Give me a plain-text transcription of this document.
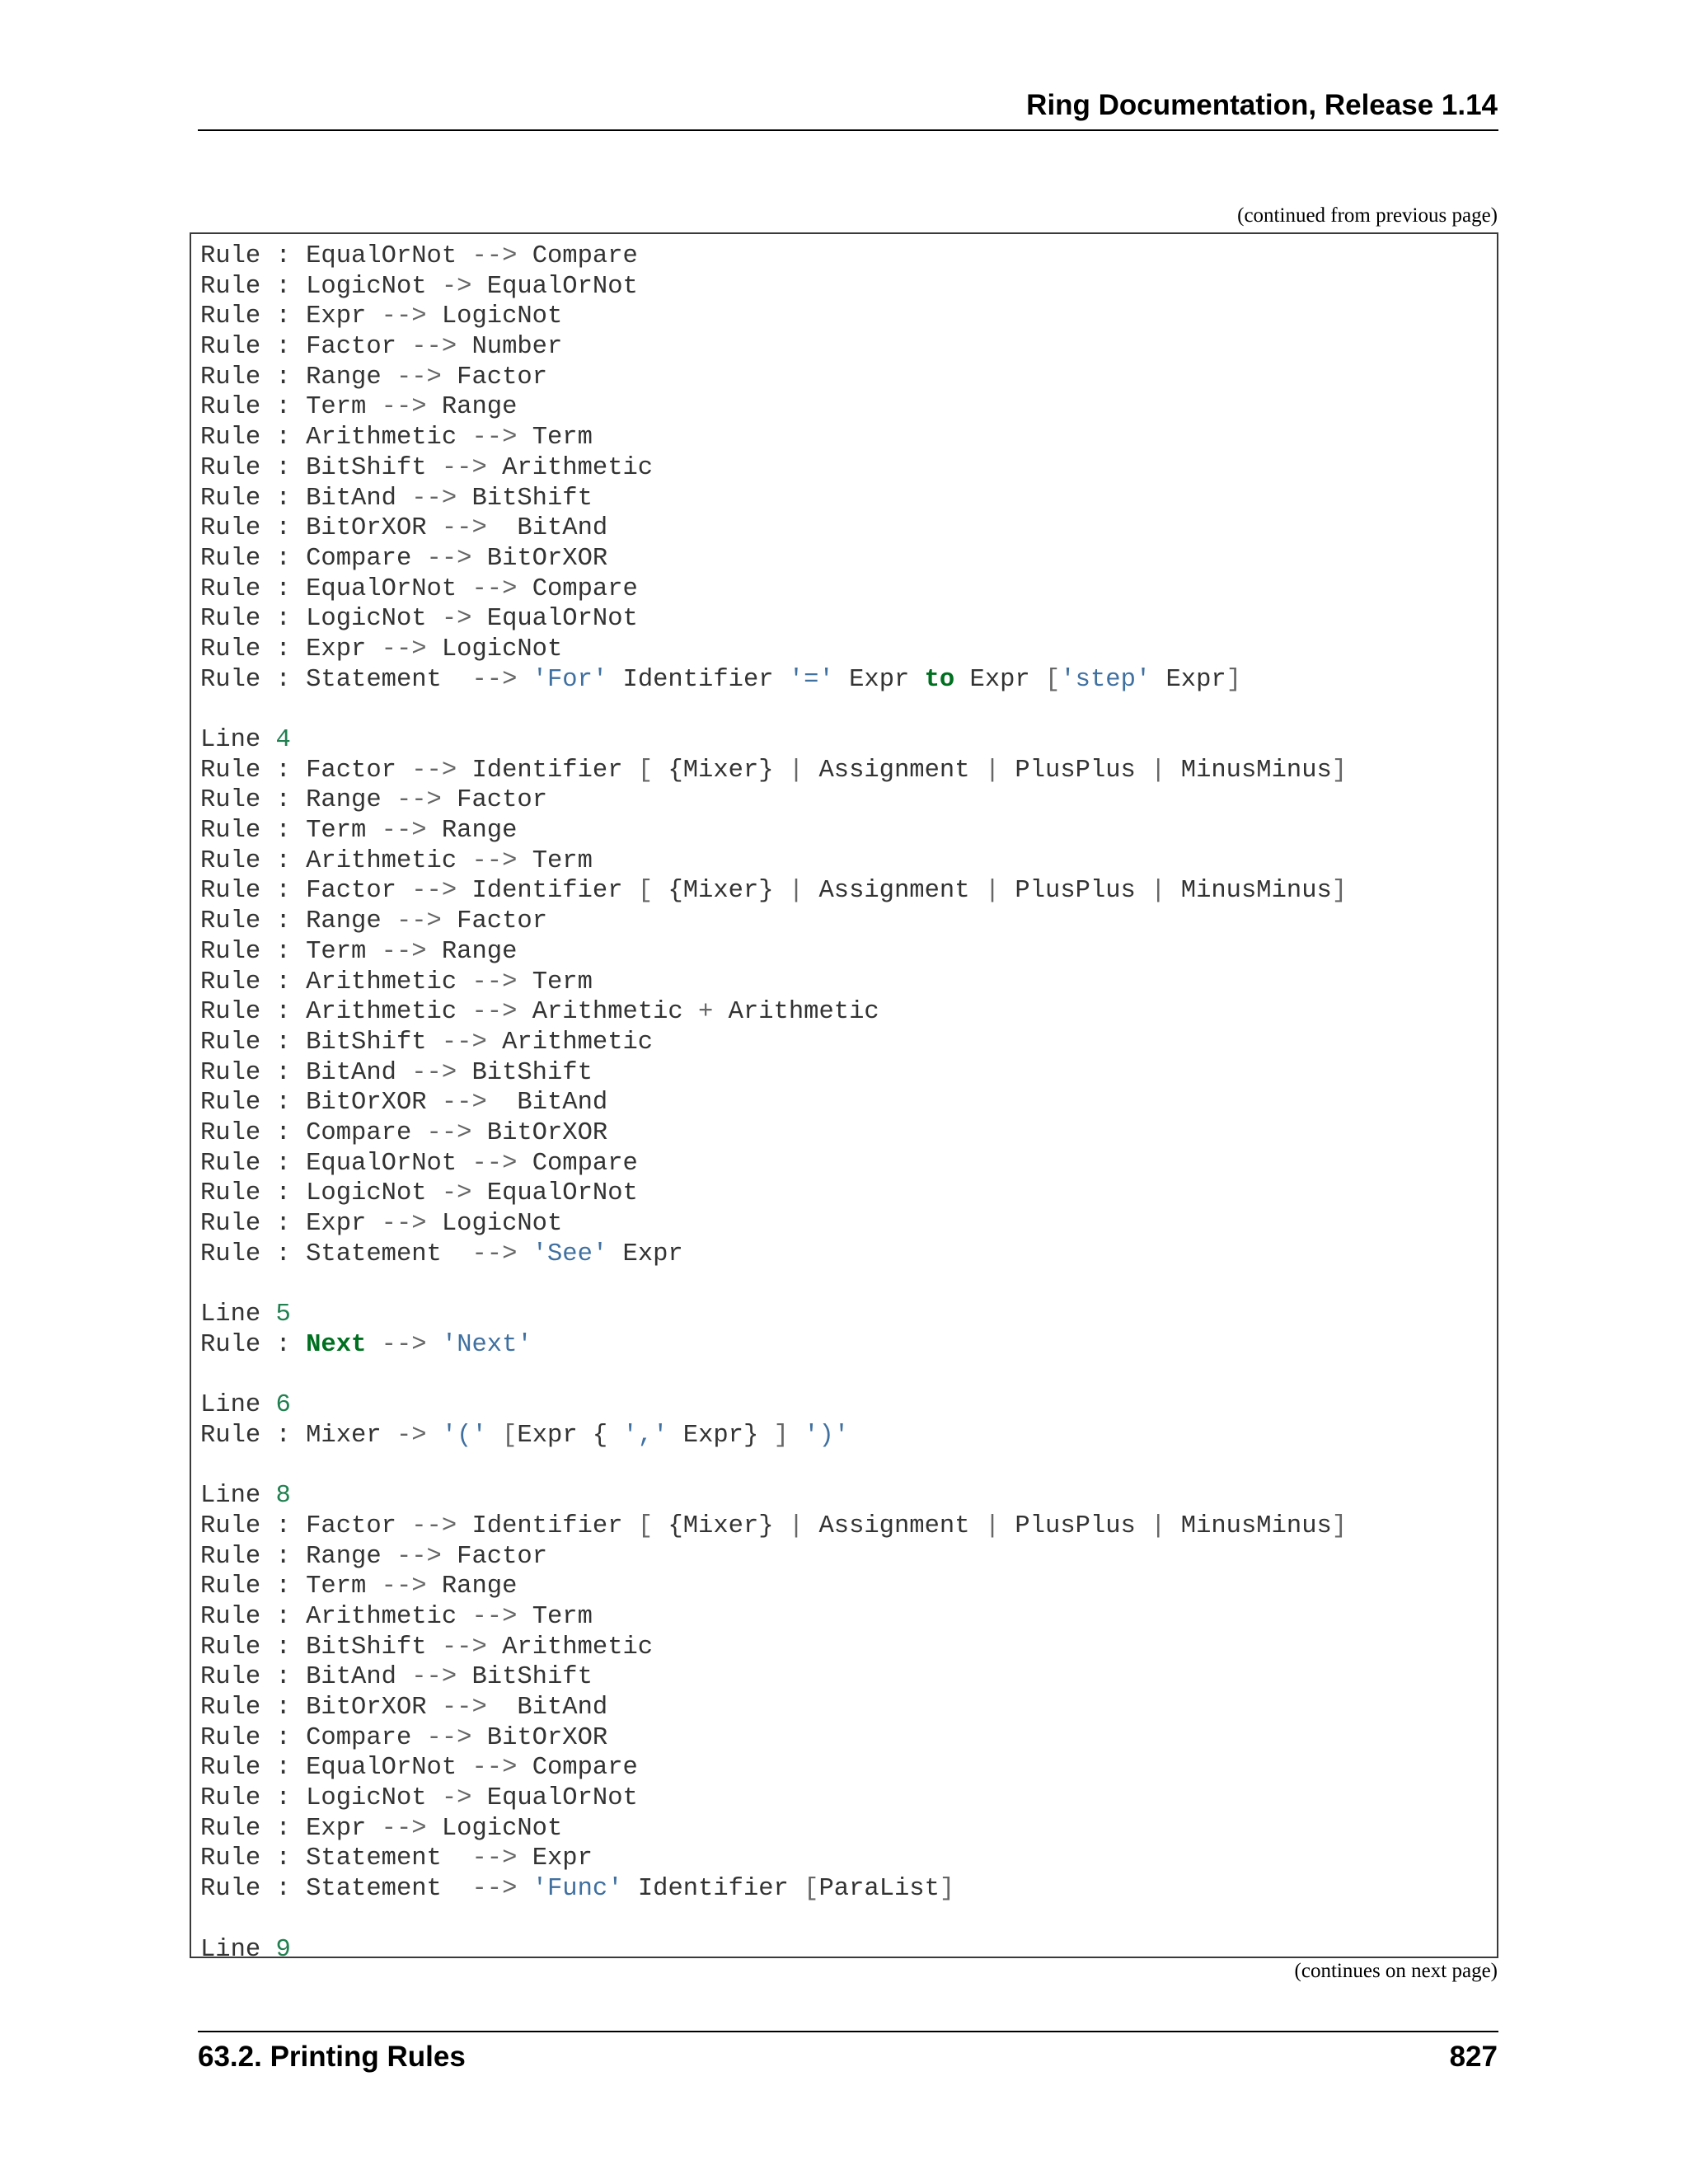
Ring Documentation, Release 1.14
(continued from previous page)
Rule : EqualOrNot --> Compare
Rule : LogicNot -> EqualOrNot
Rule : Expr --> LogicNot
Rule : Factor --> Number
Rule : Range --> Factor
Rule : Term --> Range
Rule : Arithmetic --> Term
Rule : BitShift --> Arithmetic
Rule : BitAnd --> BitShift
Rule : BitOrXOR -->  BitAnd
Rule : Compare --> BitOrXOR
Rule : EqualOrNot --> Compare
Rule : LogicNot -> EqualOrNot
Rule : Expr --> LogicNot
Rule : Statement  --> 'For' Identifier '=' Expr to Expr ['step' Expr]
Line 4
Rule : Factor --> Identifier [ {Mixer} | Assignment | PlusPlus | MinusMinus]
Rule : Range --> Factor
Rule : Term --> Range
Rule : Arithmetic --> Term
Rule : Factor --> Identifier [ {Mixer} | Assignment | PlusPlus | MinusMinus]
Rule : Range --> Factor
Rule : Term --> Range
Rule : Arithmetic --> Term
Rule : Arithmetic --> Arithmetic + Arithmetic
Rule : BitShift --> Arithmetic
Rule : BitAnd --> BitShift
Rule : BitOrXOR -->  BitAnd
Rule : Compare --> BitOrXOR
Rule : EqualOrNot --> Compare
Rule : LogicNot -> EqualOrNot
Rule : Expr --> LogicNot
Rule : Statement  --> 'See' Expr
Line 5
Rule : Next --> 'Next'
Line 6
Rule : Mixer -> '(' [Expr { ',' Expr} ] ')'
Line 8
Rule : Factor --> Identifier [ {Mixer} | Assignment | PlusPlus | MinusMinus]
Rule : Range --> Factor
Rule : Term --> Range
Rule : Arithmetic --> Term
Rule : BitShift --> Arithmetic
Rule : BitAnd --> BitShift
Rule : BitOrXOR -->  BitAnd
Rule : Compare --> BitOrXOR
Rule : EqualOrNot --> Compare
Rule : LogicNot -> EqualOrNot
Rule : Expr --> LogicNot
Rule : Statement  --> Expr
Rule : Statement  --> 'Func' Identifier [ParaList]
Line 9
(continues on next page)
63.2. Printing Rules	827
